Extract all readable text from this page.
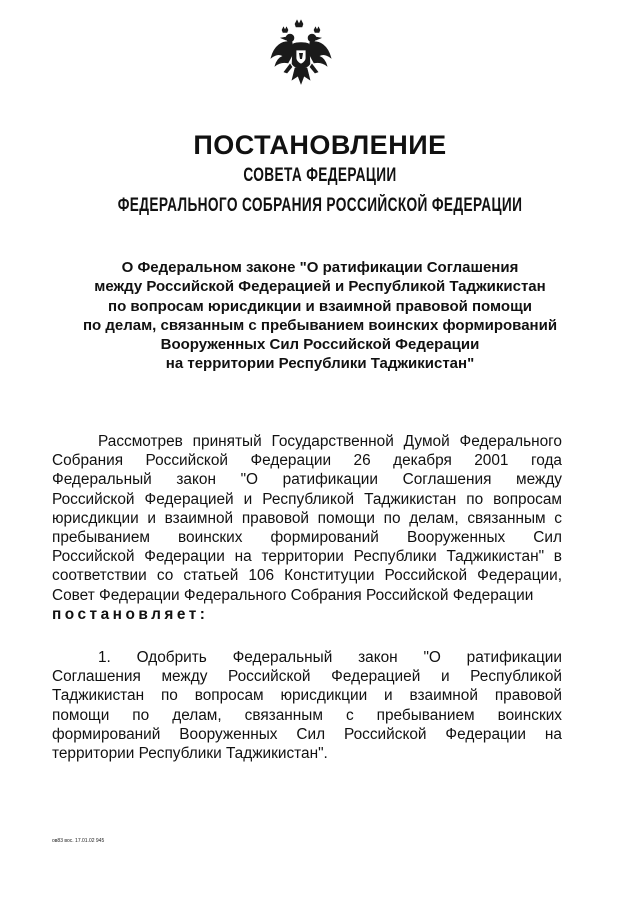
ПОСТАНОВЛЕНИЕ
СОВЕТА ФЕДЕРАЦИИ
ФЕДЕРАЛЬНОГО СОБРАНИЯ РОССИЙСКОЙ ФЕДЕРАЦИИ
О Федеральном законе "О ратификации Соглашения
между Российской Федерацией и Республикой Таджикистан
по вопросам юрисдикции и взаимной правовой помощи
по делам, связанным с пребыванием воинских формирований
Вооруженных Сил Российской Федерации
на территории Республики Таджикистан"
Рассмотрев принятый Государственной Думой Федерального
Собрания Российской Федерации 26 декабря 2001 года
Федеральный закон "О ратификации Соглашения между
Российской Федерацией и Республикой Таджикистан по вопросам
юрисдикции и взаимной правовой помощи по делам, связанным с
пребыванием воинских формирований Вооруженных Сил
Российской Федерации на территории Республики Таджикистан" в
соответствии со статьей 106 Конституции Российской Федерации,
Совет Федерации Федерального Собрания Российской Федерации
постановляет:
1. Одобрить Федеральный закон "О ратификации
Соглашения между Российской Федерацией и Республикой
Таджикистан по вопросам юрисдикции и взаимной правовой
помощи по делам, связанным с пребыванием воинских
формирований Вооруженных Сил Российской Федерации на
территории Республики Таджикистан".
ов83 вос. 17.01.02 945
